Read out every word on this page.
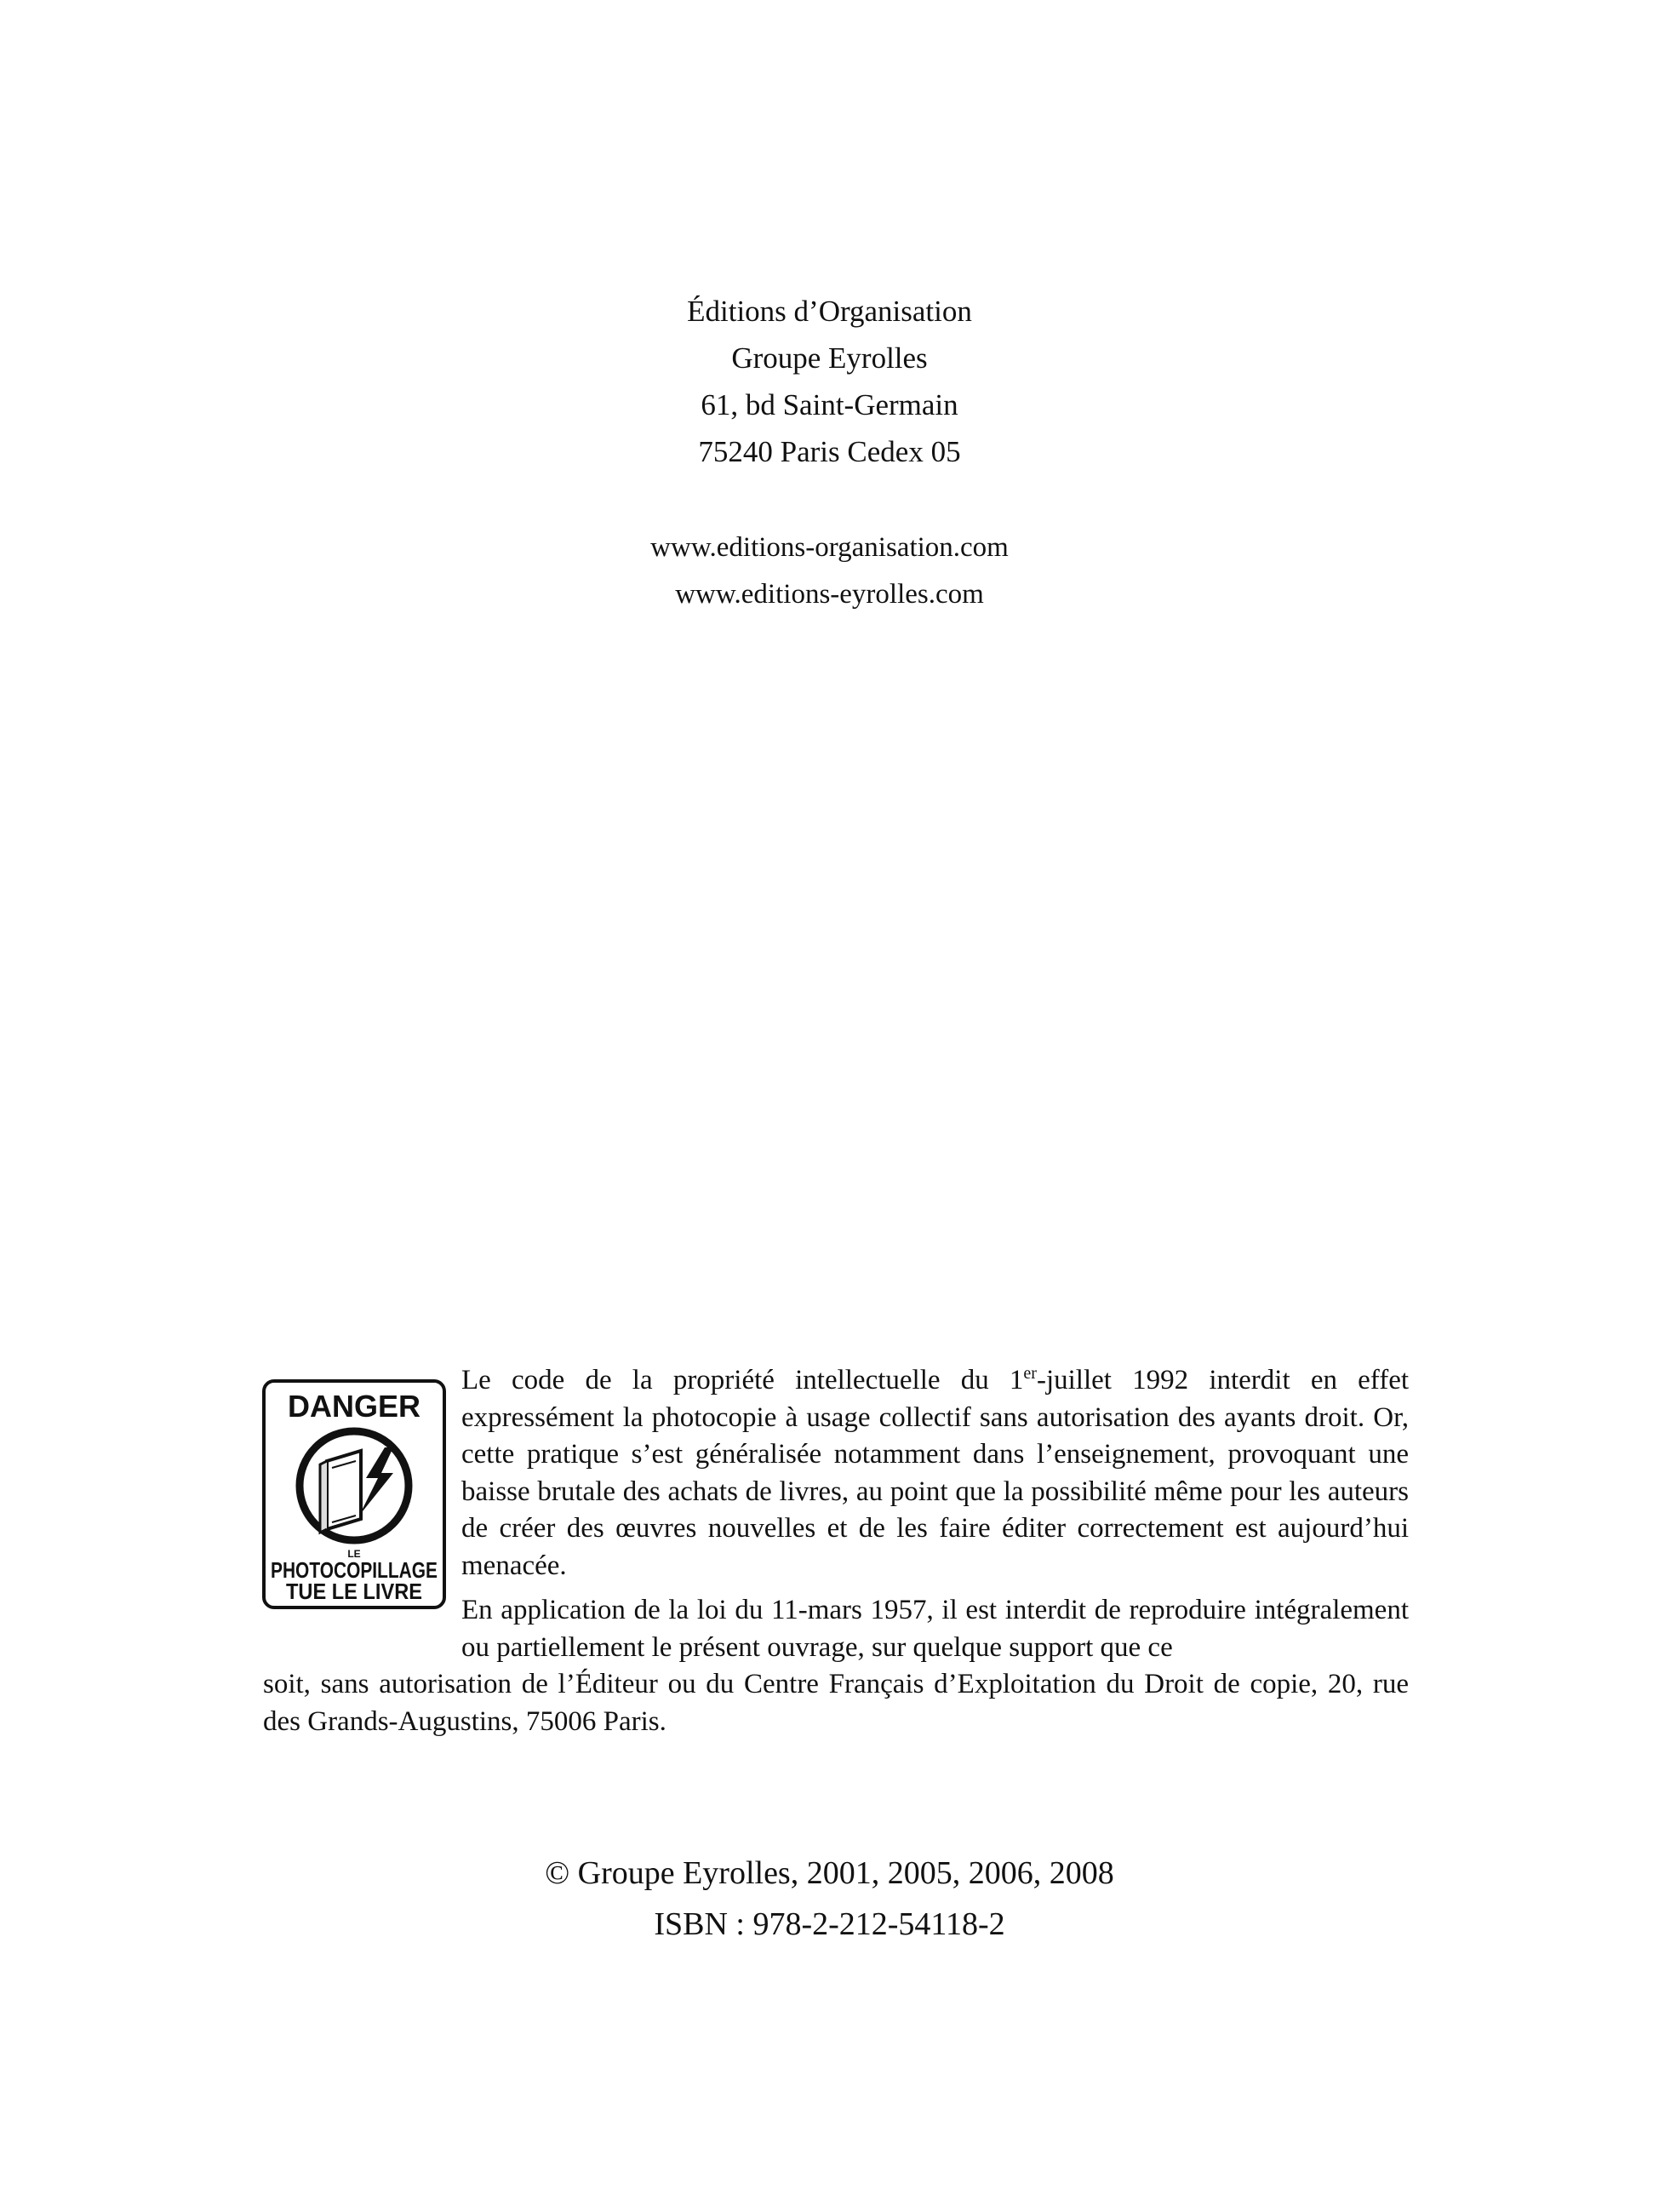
Éditions d’Organisation
Groupe Eyrolles
61, bd Saint-Germain
75240 Paris Cedex 05
www.editions-organisation.com
www.editions-eyrolles.com
DANGER
LE
PHOTOCOPILLAGE
TUE LE LIVRE

Le code de la propriété intellectuelle du 1er-juillet 1992 interdit en effet expressément la photocopie à usage collectif sans autorisation des ayants droit. Or, cette pratique s’est généralisée notamment dans l’enseignement, provoquant une baisse brutale des achats de livres, au point que la possibilité même pour les auteurs de créer des œuvres nouvelles et de les faire éditer correctement est aujourd’hui menacée.

En application de la loi du 11-mars 1957, il est interdit de reproduire intégralement ou partiellement le présent ouvrage, sur quelque support que ce
soit, sans autorisation de l’Éditeur ou du Centre Français d’Exploitation du Droit de copie, 20, rue des Grands-Augustins, 75006 Paris.

© Groupe Eyrolles, 2001, 2005, 2006, 2008
ISBN : 978-2-212-54118-2
